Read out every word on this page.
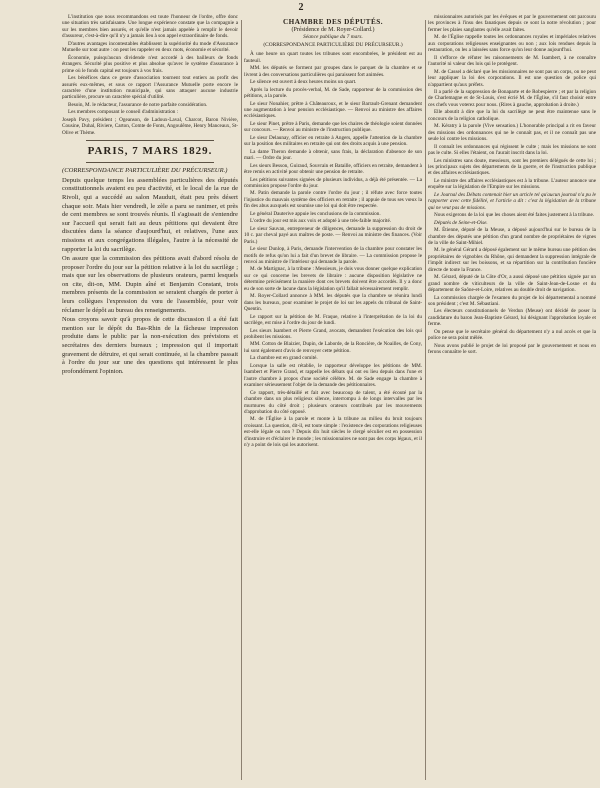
2

L'institution que nous recommandons est toute l'honneur de l'ordre, offre donc une situation très satisfaisante. Une longue expérience constate que la compagnie a sur les membres bien assurés, et qu'elle n'est jamais appelée à remplir le devoir d'assureur, c'est-à-dire qu'il n'y a jamais lieu à son appel extraordinaire de fonds.

D'autres avantages incontestables établissent la supériorité du mode d'Assurance Mutuelle sur tout autre : on peut les rappeler en deux mots, économie et sécurité.

Économie, puisqu'aucun dividende n'est accordé à des bailleurs de fonds étrangers. Sécurité plus positive et plus absolue qu'avec le système d'assurance à prime où le fonds capital est toujours à vos frais.

Les bénéfices dans ce genre d'association tournent tout entiers au profit des assurés eux-mêmes, et sous ce rapport l'Assurance Mutuelle porte encore le caractère d'une institution municipale, qui sans attaquer aucune industrie particulière, procure un caractère spécial d'utilité.

Besoin, M. le rédacteur, l'assurance de notre parfaite considération.

Les membres composant le conseil d'administration :

Joseph Pavy, président ; Ogeanson, de Ladoux-Laval, Charcot, Baron Nivière, Cousine, Duhal, Riviere, Carton, Comte de Fonts, Angoulême, Henry Manceaux, St-Olive et Thème.

PARIS, 7 MARS 1829.
(CORRESPONDANCE PARTICULIÈRE DU PRÉCURSEUR.)

Depuis quelque temps les assemblées particulières des députés constitutionnels avaient eu peu d'activité, et le local de la rue de Rivoli, qui a succédé au salon Mauduit, était peu près désert chaque soir. Mais hier vendredi, le zèle a paru se ranimer, et près de cent membres se sont trouvés réunis. Il s'agissait de s'entendre sur l'accueil qui serait fait au deux pétitions qui devaient être discutées dans la séance d'aujourd'hui, et relatives, l'une aux missions et aux congrégations illégales, l'autre à la nécessité de rapporter la loi du sacrilège.

On assure que la commission des pétitions avait d'abord résolu de proposer l'ordre du jour sur la pétition relative à la loi du sacrilège ; mais que sur les observations de plusieurs orateurs, parmi lesquels on cite, dit-on, MM. Dupin aîné et Benjamin Constant, trois membres présents de la commission se seraient chargés de porter à leurs collègues l'expression du vœu de l'assemblée, pour voir réclamer le dépôt au bureau des renseignements.

Nous croyons savoir qu'à propos de cette discussion il a été fait mention sur le dépôt du Bas-Rhin de la fâcheuse impression produite dans le public par la non-exécution des prévisions et secrétaires des derniers bureaux ; impression qui il importait gravement de détruire, et qui serait continuée, si la chambre passait à l'ordre du jour sur une des questions qui intéressent le plus profondément l'opinion.

CHAMBRE DES DÉPUTÉS.
(Présidence de M. Royer-Collard.)
Séance publique du 7 mars.
(CORRESPONDANCE PARTICULIÈRE DU PRÉCURSEUR.)

À une heure un quart toutes les tribunes sont encombrées, le président est au fauteuil.

MM. les députés se forment par groupes dans le parquet de la chambre et se livrent à des conversations particulières qui paraissent fort animées.

Le silence est ouvert à deux heures moins un quart.

Après la lecture du procès-verbal, M. de Sade, rapporteur de la commission des pétitions, a la parole.

Le sieur Nonahier, prêtre à Châteauroux, et le sieur Barrault-Grenant demandent une augmentation à leur pension ecclésiastique. — Renvoi au ministre des affaires ecclésiastiques.

Le sieur Pinet, prêtre à Paris, demande que les chaires de théologie soient données sur concours. — Renvoi au ministre de l'instruction publique.

Le sieur Delaunay, officier en retraite à Angers, appelle l'attention de la chambre sur la position des militaires en retraite qui ont des droits acquis à une pension.

La dame Theron demande à obtenir, sans frais, la déclaration d'absence de son mari. — Ordre du jour.

Les sieurs Besson, Guiraud, Souvrain et Bataille, officiers en retraite, demandent à être remis en activité pour obtenir une pension de retraite.

Les pétitions suivantes signées de plusieurs individus, a déjà été présentée. — La commission propose l'ordre du jour.

M. Patin demande la parole contre l'ordre du jour ; il réfute avec force toutes l'injustice du mauvais système des officiers en retraite ; il appuie de tous ses vœux la fin des abus auxquels est soumise une loi qui doit être respectée.

Le général Dauterive appuie les conclusions de la commission.

L'ordre du jour est mis aux voix et adopté à une très-faible majorité.

Le sieur Sauvan, entrepreneur de diligences, demande la suppression du droit de 10 c. par cheval payé aux maîtres de poste. — Renvoi au ministre des finances. (Voir Paris.)

Le sieur Dunlop, à Paris, demande l'intervention de la chambre pour constater les motifs de refus qu'on lui a fait d'un brevet de libraire. — La commission propose le renvoi au ministre de l'intérieur qui demande la parole.

M. de Martignac, à la tribune : Messieurs, je dois vous donner quelque explication sur ce qui concerne les brevets de libraire : aucune disposition législative ne détermine précisément la manière dont ces brevets doivent être accordés. Il y a donc eu de son sorte de lacune dans la législation qu'il fallait nécessairement remplir.

M. Royer-Collard annonce à MM. les députés que la chambre se réunira lundi dans les bureaux, pour examiner le projet de loi sur les appels du tribunal de Saint-Quentin.

Le rapport sur la pétition de M. Fraque, relative à l'interprétation de la loi du sacrilège, est mise à l'ordre du jour de lundi.

Les sieurs Isambert et Pierre Grand, avocats, demandent l'exécution des lois qui prohibent les missions.

MM. Cotton de Blaizier, Dupin, de Laborde, de la Roncière, de Noailles, de Cony, lui sont également d'avis de renvoyer cette pétition.

La chambre est en grand comité.

Lorsque la salle est rétablie, le rapporteur développe les pétitions de MM. Isambert et Pierre Grand, et rappelle les débats qui ont eu lieu depuis dans l'une et l'autre chambre à propos d'une société célèbre. M. de Sade engage la chambre à examiner sérieusement l'objet de la demande des pétitionnaires.

Ce rapport, très-détaillé et fait avec beaucoup de talent, a été écouté par la chambre dans un plus religieux silence, interrompu à de longs intervalles par les murmures du côté droit ; plusieurs orateurs contribués par les mouvements d'approbation du côté opposé.

M. de l'Église à la parole et monte à la tribune au milieu du bruit toujours croissant. La question, dit-il, est toute simple : l'existence des corporations religieuses est-elle légale ou non ? Depuis dix huit siècles le clergé séculier est en possession d'instruire et d'éclairer le monde ; les missionnaires ne sont pas des corps légaux, et il n'y a point de lois qui les autorisent.

missionnaires autorisés par les évêques et par le gouvernement ont parcouru les provinces à l'insu des fanatiques depuis ce sont la notre révolution ; pour fermer les plaies sanglantes qu'elle avait faites.

M. de l'Église rappelle toutes les ordonnances royales et impériales relatives aux corporations religieuses enseignantes ou non ; aux lois rendues depuis la restauration, on les a laissées sans force qu'on leur donne aujourd'hui.

Il s'efforce de réfuter les raisonnements de M. Isambert, à ne connaître l'autorité ni valeur des lois qui le protègent.

M. de Cassel a déclaré que les missionnaires ne sont pas un corps, on ne peut leur appliquer la loi des corporations. Il est une question de police qui n'appartient qu'aux préfets.

Il a parlé de la suppression de Bonaparte et de Robespierre ; et par la religion de Charlemagne et de St-Louis, s'est écrié M. de l'Église, s'il faut choisir entre ces chefs vous voterez pour nous. (Rires à gauche, approbation à droite.)

Elle aboutit à dire que la loi du sacrilège ne peut être maintenue sans le concours de la religion catholique.

M. Kératry à la parole (Vive sensation.) L'honorable principal a rit en faveur des missions des ordonnances qui ne le connaît pas, et il ne connaît pas une seule loi contre les missions.

Il connaît les ordonnances qui régissent le culte ; mais les missions ne sont pas le culte. Si elles l'étaient, on l'aurait inscrit dans la loi.

Les ministres sans doute, messieurs, sont les premiers délégués de cette loi ; les principaux sujets des départements de la guerre, et de l'instruction publique et des affaires ecclésiastiques.

Le ministre des affaires ecclésiastiques est à la tribune. L'auteur annonce une enquête sur la législation de l'Empire sur les missions.

Le Journal des Débats contenait hier un article tel qu'aucun journal n'a pu le rapporter avec cette fidélité, et l'article a dit : c'est la législation de la tribune qui ne veut pas de missions.

Nous exigerons de la loi que les choses aient été faites justement à la tribune.

Députés de Seine-et-Oise.

M. Étienne, député de la Meuse, a déposé aujourd'hui sur le bureau de la chambre des députés une pétition d'un grand nombre de propriétaires de vignes de la ville de Saint-Mihiel.

M. le général Gérard a déposé également sur le même bureau une pétition des propriétaires de vignobles du Rhône, qui demandent la suppression intégrale de l'impôt indirect sur les boissons, et sa répartition sur la contribution foncière directe de toute la France.

M. Gérard, député de la Côte d'Or, a aussi déposé une pétition signée par un grand nombre de viticulteurs de la ville de Saint-Jean-de-Losne et du département de Saône-et-Loire, relatives au double droit de navigation.

La commission chargée de l'examen du projet de loi départemental a nommé son président ; c'est M. Sébastiani.

Les électeurs constitutionnels de Verdun (Meuse) ont décidé de poser la candidature du baron Jean-Baptiste Gérard, lui désignant l'approbation loyale et ferme.

On pense que le secrétaire général du département n'y a nul accès et que la police ne sera point mêlée.

Nous avons publié le projet de loi proposé par le gouvernement et nous en ferons connaître le sort.
